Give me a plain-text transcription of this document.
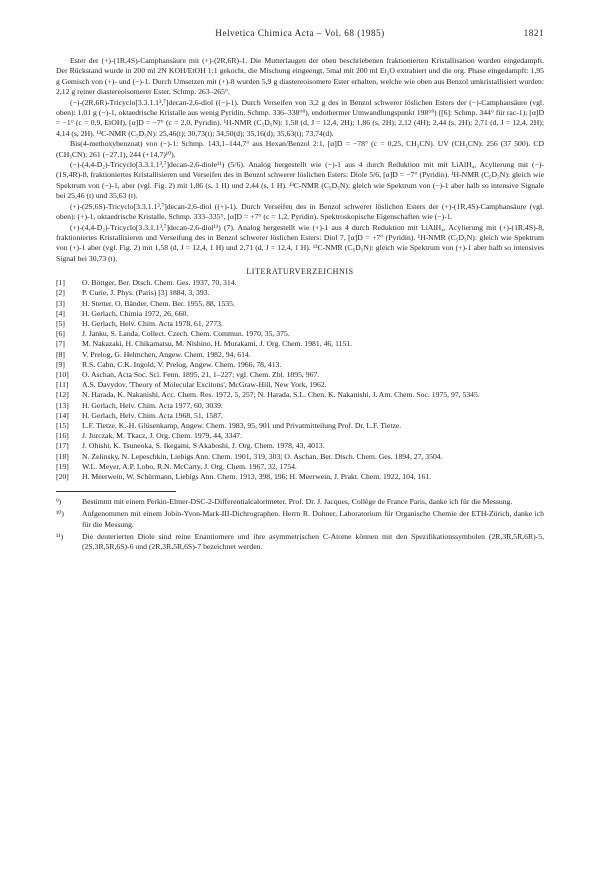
Helvetica Chimica Acta – Vol. 68 (1985)	1821

Ester der (+)-(1R,4S)-Camphansäure mit (+)-(2R,6R)-1. Die Mutterlaugen der oben beschriebenen fraktionierten Kristallisation wurden eingedampft. Der Rückstand wurde in 200 ml 2N KOH/EtOH 1:1 gekocht, die Mischung eingeengt, 5mal mit 200 ml Et₂O extrahiert und die org. Phase eingedampft: 1,95 g Gemisch von (+)- und (−)-1. Durch Umsetzen mit (+)-8 wurden 5,9 g diastereoisomere Ester erhalten, welche wie oben aus Benzol umkristallisiert wurden: 2,12 g reiner diastereoisomerer Ester, Schmp. 263–265°.

(−)-(2R,6R)-Tricyclo[3.3.1.1³,⁷]decan-2,6-diol ((−)-1). Durch Verseifen von 3,2 g des in Benzol schwerer löslichen Esters der (−)-Camphansäure (vgl. oben): 1,01 g (−)-1, oktaedrische Kristalle aus wenig Pyridin, Schmp. 336–338°⁹), endothermer Umwandlungspunkt 198°⁹) ([6]: Schmp. 344° für rac-1); [α]D = −1° (c = 0,9, EtOH), [α]D = −7° (c = 2,0, Pyridin). ¹H-NMR (C₅D₅N): 1,58 (d, J = 12,4, 2H); 1,86 (s, 2H); 2,12 (4H); 2,44 (s, 2H); 2,71 (d, J = 12,4, 2H); 4,14 (s, 2H). ¹³C-NMR (C₅D₅N): 25,46(t); 30,73(t); 34,50(d); 35,16(d); 35,63(t); 73,74(d).

Bis(4-methoxybenzoat) von (−)-1: Schmp. 143,1–144,7° aus Hexan/Benzol 2:1, [α]D = −78° (c = 0,25, CH₃CN). UV (CH₃CN): 256 (37 500). CD (CH₃CN): 261 (−27,1), 244 (+14,7)¹⁰).

(−)-(4,4-D₂)-Tricyclo[3.3.1.1³,⁷]decan-2,6-diole¹¹) (5/6). Analog hergestellt wie (−)-1 aus 4 durch Reduktion mit mit LiAlH₄, Acylierung mit (−)-(1S,4R)-8, fraktioniertes Kristallisieren und Verseifen des in Benzol schwerer löslichen Esters: Diole 5/6, [α]D = −7° (Pyridin). ¹H-NMR (C₅D₅N): gleich wie Spektrum von (−)-1, aber (vgl. Fig. 2) mit 1,86 (s, 1 H) und 2,44 (s, 1 H). ¹³C-NMR (C₅D₅N): gleich wie Spektrum von (−)-1 aber halb so intensive Signale bei 25,46 (t) und 35,63 (t).

(+)-(2S,6S)-Tricyclo[3.3.1.1³,⁷]decan-2,6-diol ((+)-1). Durch Verseifen des in Benzol schwerer löslichen Esters der (+)-(1R,4S)-Camphansäure (vgl. oben): (+)-1, oktaedrische Kristalle, Schmp. 333–335°, [α]D = +7° (c = 1,2, Pyridin). Spektroskopische Eigenschaften wie (−)-1.

(+)-(4,4-D₂)-Tricyclo[3.3.1.1³,⁷]decan-2,6-diol¹¹) (7). Analog hergestellt wie (+)-1 aus 4 durch Reduktion mit LiAlH₄, Acylierung mit (+)-(1R,4S)-8, fraktioniertes Kristallisieren und Verseifung des in Benzol schwerer löslichen Esters: Diol 7, [α]D = +7° (Pyridin). ¹H-NMR (C₅D₅N): gleich wie Spektrum von (+)-1 aber (vgl. Fig. 2) mit 1,58 (d, J = 12,4, 1 H) und 2,71 (d, J = 12,4, 1 H). ¹³C-NMR (C₅D₅N): gleich wie Spektrum von (+)-1 aber halb so intensives Signal bei 30,73 (t).

LITERATURVERZEICHNIS
[1] O. Böttger, Ber. Dtsch. Chem. Ges. 1937, 70, 314.
[2] P. Curie, J. Phys. (Paris) [3] 1884, 3, 393.
[3] H. Stetter, O. Bänder, Chem. Ber. 1955, 88, 1535.
[4] H. Gerlach, Chimia 1972, 26, 660.
[5] H. Gerlach, Helv. Chim. Acta 1978, 61, 2773.
[6] J. Janku, S. Landa, Collect. Czech. Chem. Commun. 1970, 35, 375.
[7] M. Nakazaki, H. Chikamatsu, M. Nishino, H. Murakami, J. Org. Chem. 1981, 46, 1151.
[8] V. Prelog, G. Helmchen, Angew. Chem. 1982, 94, 614.
[9] R.S. Cahn, C.K. Ingold, V. Prelog, Angew. Chem. 1966, 78, 413.
[10] O. Aschan, Acta Soc. Sci. Fenn. 1895, 21, 1–227; vgl. Chem. Zbl. 1895, 967.
[11] A.S. Davydov, 'Theory of Molecular Excitons', McGraw-Hill, New York, 1962.
[12] N. Harada, K. Nakanishi, Acc. Chem. Res. 1972, 5, 257; N. Harada, S.L. Chen, K. Nakanishi, J. Am. Chem. Soc. 1975, 97, 5345.
[13] H. Gerlach, Helv. Chim. Acta 1977, 60, 3039.
[14] H. Gerlach, Helv. Chim. Acta 1968, 51, 1587.
[15] L.F. Tietze, K.-H. Glüsenkamp, Angew. Chem. 1983, 95, 901 und Privatmitteilung Prof. Dr. L.F. Tietze.
[16] J. Jurczak, M. Tkacz, J. Org. Chem. 1979, 44, 3347.
[17] J. Ohishi, K. Tsuneoka, S. Ikegami, S Akaboshi, J. Org. Chem. 1978, 43, 4013.
[18] N. Zelinsky, N. Lepeschkin, Liebigs Ann. Chem. 1901, 319, 303; O. Aschan, Ber. Dtsch. Chem. Ges. 1894, 27, 3504.
[19] W.L. Meyer, A.P. Lobo, R.N. McCarty, J. Org. Chem. 1967, 32, 1754.
[20] H. Meerwein, W. Schürmann, Liebigs Ann. Chem. 1913, 398, 196; H. Meerwein, J. Prakt. Chem. 1922, 104, 161.
⁹)	Bestimmt mit einem Perkin-Elmer-DSC-2-Differentialcalorimeter. Prof. Dr. J. Jacques, Collège de France Paris, danke ich für die Messung.
¹⁰) Aufgenommen mit einem Jobin-Yvon-Mark-III-Dichrographen. Herrn R. Dohner, Laboratorium für Organische Chemie der ETH-Zürich, danke ich für die Messung.
¹¹) Die deuterierten Diole sind reine Enantiomere und ihre asymmetrischen C-Atome können mit den Spezifikationssymbolen (2R,3R,5R,6R)-5, (2S,3R,5R,6S)-6 und (2R,3R,5R,6S)-7 bezeichnet werden.
